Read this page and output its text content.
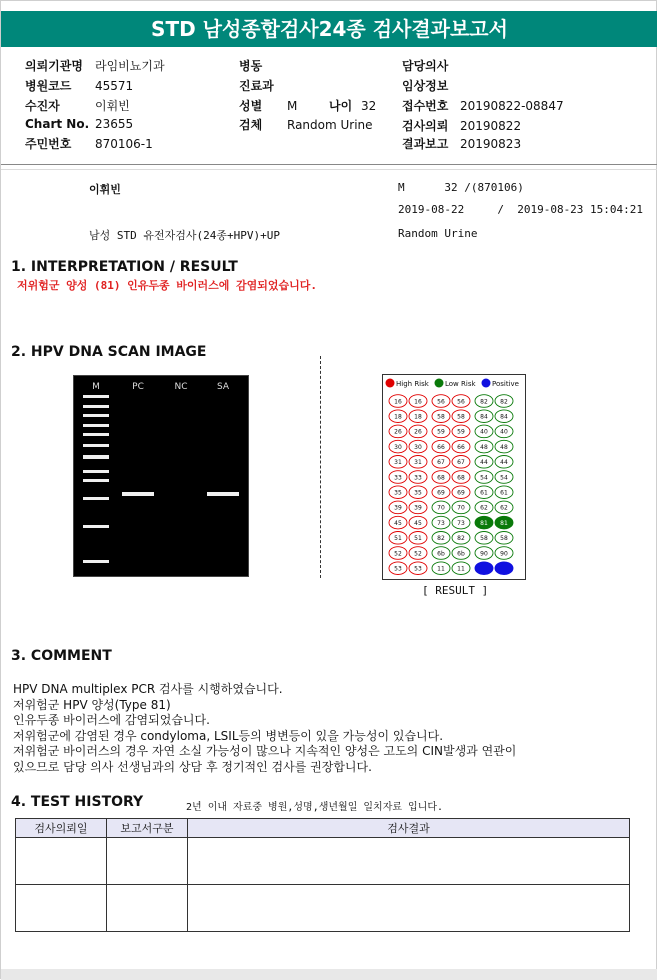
STD 남성종합검사24종 검사결과보고서
의뢰기관명 라임비뇨기과
병원코드 45571
수진자	이휘빈
Chart No. 23655
주민번호 870106-1
병동
진료과
성별 M	나이 32
검체 Random Urine
담당의사
임상정보
접수번호 20190822-08847
검사의뢰 20190822
결과보고 20190823
이휘빈	M      32 /(870106)
2019-08-22     /  2019-08-23 15:04:21
남성 STD 유전자검사(24종+HPV)+UP	Random Urine
1. INTERPRETATION / RESULT
저위험군 양성 (81) 인유두종 바이러스에 감염되었습니다.
2. HPV DNA SCAN IMAGE
M	PC	NC	SA	High Risk Low Risk Positive
16 16	56 56	82 82
18 18	58 58	84 84
26 26	59 59	40 40
30 30	66 66	48 48
31 31	67 67	44 44
33 33	68 68	54 54
35 35	69 69	61 61
39 39	70 70	62 62
45 45	73 73	81 81
51 51	82 82	58 58
52 52	6b 6b	90 90
53 53	11 11
[ RESULT ]
3. COMMENT
HPV DNA multiplex PCR 검사를 시행하였습니다.
저위험군 HPV 양성(Type 81)
인유두종 바이러스에 감염되었습니다.
저위험군에 감염된 경우 condyloma, LSIL등의 병변등이 있을 가능성이 있습니다.
저위험군 바이러스의 경우 자연 소실 가능성이 많으나 지속적인 양성은 고도의 CIN발생과 연관이
있으므로 담당 의사 선생님과의 상담 후 정기적인 검사를 권장합니다.
4. TEST HISTORY	2년 이내 자료중 병원,성명,생년월일 일치자료 입니다.
검사의뢰일	보고서구분	검사결과
